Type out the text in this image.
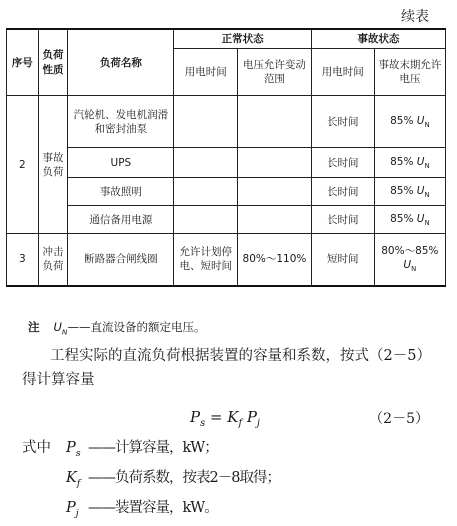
续表
序号	负荷性质	负荷名称	正常状态		事故状态	
			用电时间	电压允许变动范围	用电时间	事故末期允许电压
2	事故负荷	汽轮机、发电机润滑和密封油泵			长时间	85% $U_N$
		UPS			长时间	85% $U_N$
		事故照明			长时间	85% $U_N$
		通信备用电源			长时间	85% $U_N$
3	冲击负荷	断路器合闸线圈	允许计划停电、短时间	80%～110%	短时间	80%～85% $U_N$
注 $U_N——$直流设备的额定电压。
工程实际的直流负荷根据装置的容量和系数，按式（2－5）得计算容量
$P_s = K_f$ $P_j$	（2－5）
式中	$P_s$ ——计算容量，kW；
$K_f$ ——负荷系数，按表2－8取得；
$P_j$ ——装置容量，kW。
